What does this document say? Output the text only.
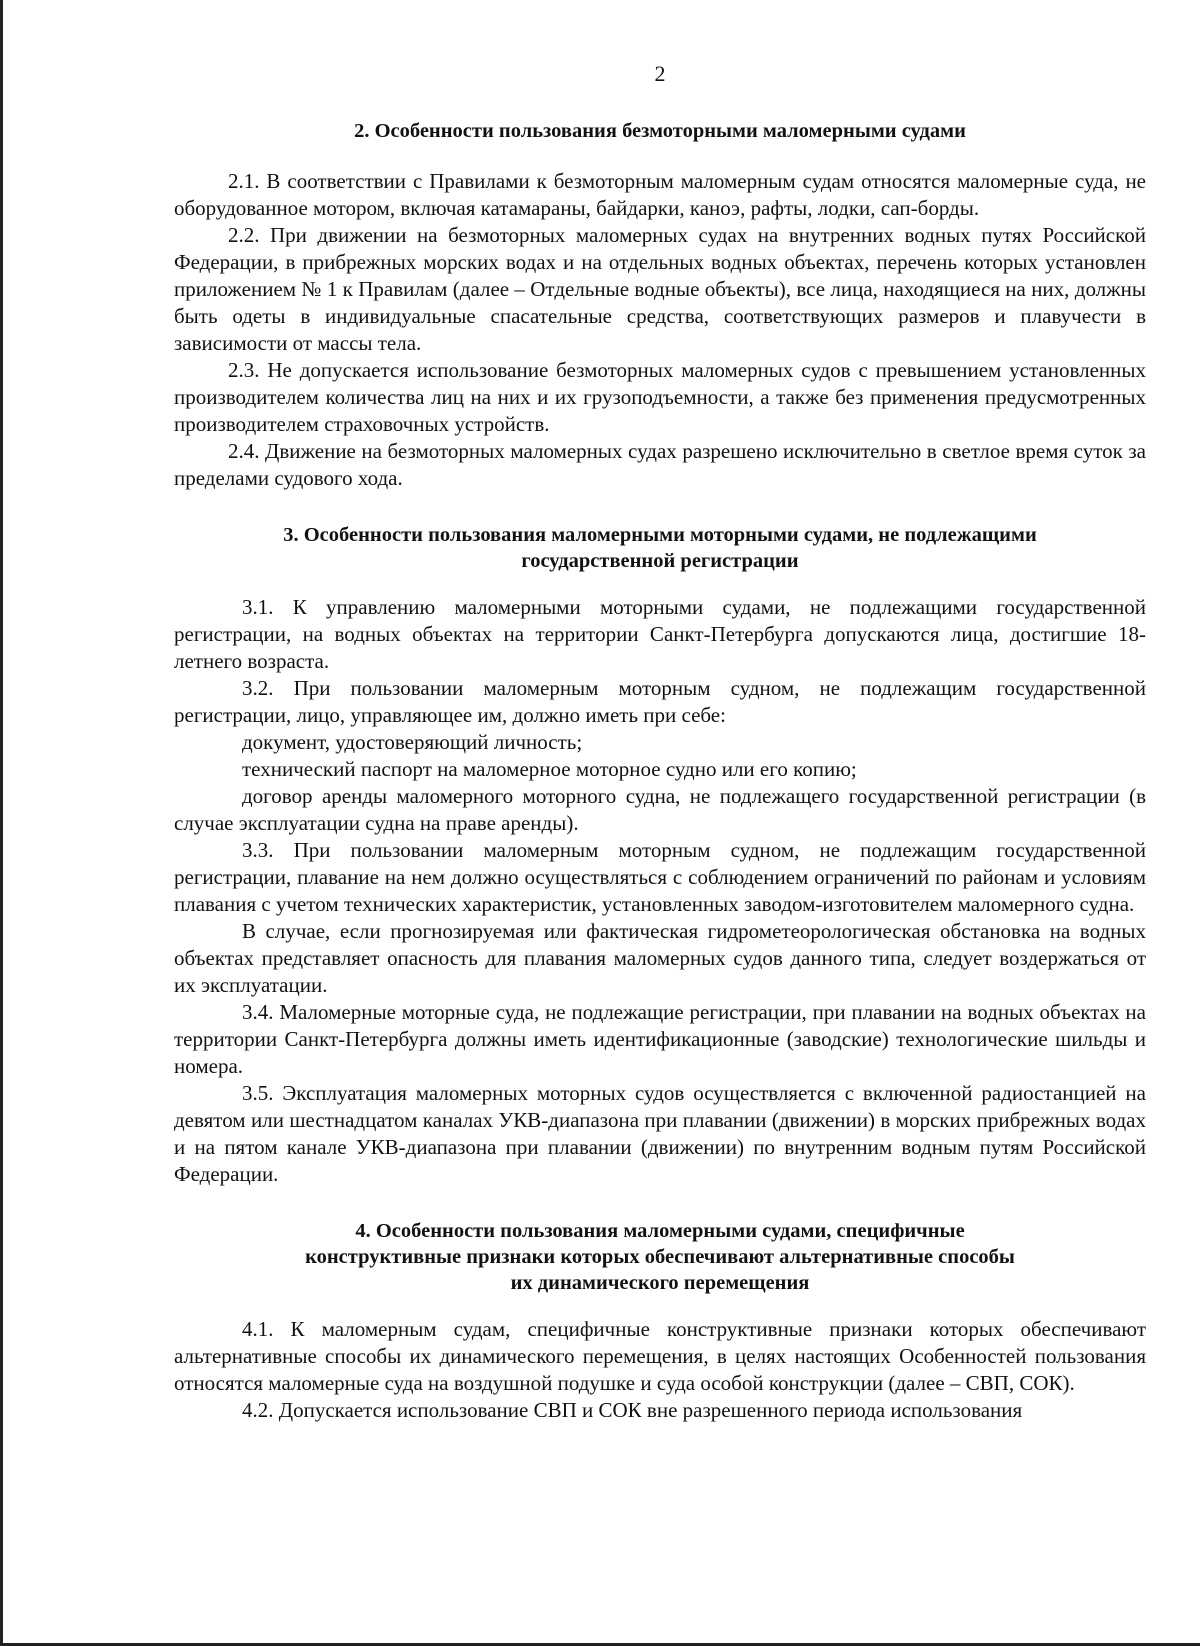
2

2. Особенности пользования безмоторными маломерными судами

2.1. В соответствии с Правилами к безмоторным маломерным судам относятся маломерные суда, не оборудованное мотором, включая катамараны, байдарки, каноэ, рафты, лодки, сап-борды.

2.2. При движении на безмоторных маломерных судах на внутренних водных путях Российской Федерации, в прибрежных морских водах и на отдельных водных объектах, перечень которых установлен приложением № 1 к Правилам (далее – Отдельные водные объекты), все лица, находящиеся на них, должны быть одеты в индивидуальные спасательные средства, соответствующих размеров и плавучести в зависимости от массы тела.

2.3. Не допускается использование безмоторных маломерных судов с превышением установленных производителем количества лиц на них и их грузоподъемности, а также без применения предусмотренных производителем страховочных устройств.

2.4. Движение на безмоторных маломерных судах разрешено исключительно в светлое время суток за пределами судового хода.

3. Особенности пользования маломерными моторными судами, не подлежащими
государственной регистрации

3.1. К управлению маломерными моторными судами, не подлежащими государственной регистрации, на водных объектах на территории Санкт-Петербурга допускаются лица, достигшие 18-летнего возраста.

3.2. При пользовании маломерным моторным судном, не подлежащим государственной регистрации, лицо, управляющее им, должно иметь при себе:

документ, удостоверяющий личность;

технический паспорт на маломерное моторное судно или его копию;

договор аренды маломерного моторного судна, не подлежащего государственной регистрации (в случае эксплуатации судна на праве аренды).

3.3. При пользовании маломерным моторным судном, не подлежащим государственной регистрации, плавание на нем должно осуществляться с соблюдением ограничений по районам и условиям плавания с учетом технических характеристик, установленных заводом-изготовителем маломерного судна.

В случае, если прогнозируемая или фактическая гидрометеорологическая обстановка на водных объектах представляет опасность для плавания маломерных судов данного типа, следует воздержаться от их эксплуатации.

3.4. Маломерные моторные суда, не подлежащие регистрации, при плавании на водных объектах на территории Санкт-Петербурга должны иметь идентификационные (заводские) технологические шильды и номера.

3.5. Эксплуатация маломерных моторных судов осуществляется с включенной радиостанцией на девятом или шестнадцатом каналах УКВ-диапазона при плавании (движении) в морских прибрежных водах и на пятом канале УКВ-диапазона при плавании (движении) по внутренним водным путям Российской Федерации.

4. Особенности пользования маломерными судами, специфичные
конструктивные признаки которых обеспечивают альтернативные способы
их динамического перемещения

4.1. К маломерным судам, специфичные конструктивные признаки которых обеспечивают альтернативные способы их динамического перемещения, в целях настоящих Особенностей пользования относятся маломерные суда на воздушной подушке и суда особой конструкции (далее – СВП, СОК).

4.2. Допускается использование СВП и СОК вне разрешенного периода использования
